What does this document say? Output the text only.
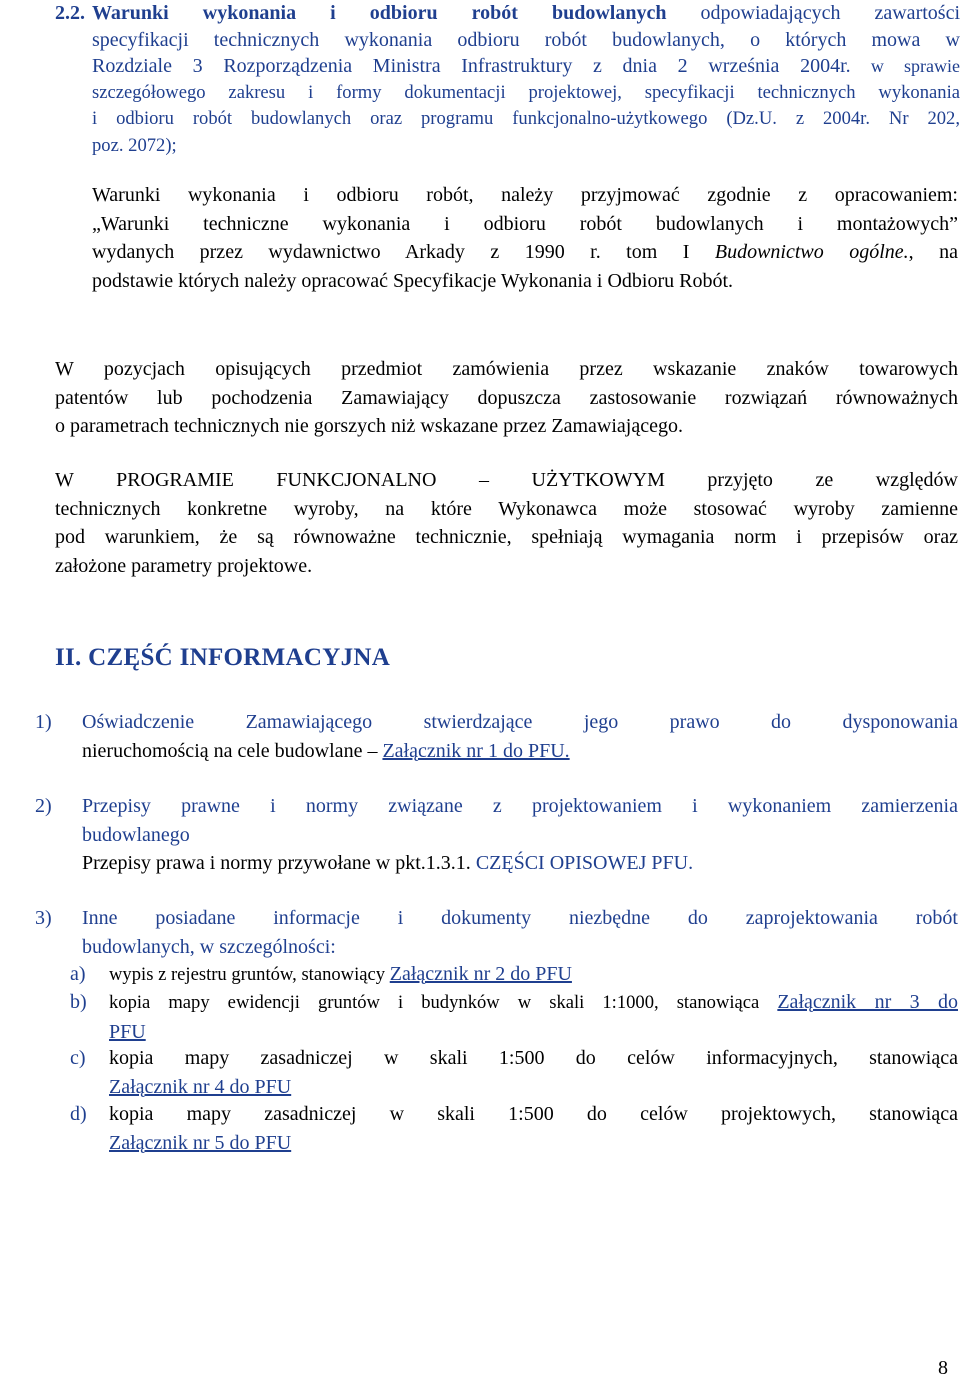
2.2. Warunki wykonania i odbioru robót budowlanych odpowiadających zawartości
specyfikacji technicznych wykonania odbioru robót budowlanych, o których mowa w
Rozdziale 3 Rozporządzenia Ministra Infrastruktury z dnia 2 września 2004r. w sprawie
szczegółowego zakresu i formy dokumentacji projektowej, specyfikacji technicznych wykonania
i odbioru robót budowlanych oraz programu funkcjonalno-użytkowego (Dz.U. z 2004r. Nr 202,
poz. 2072);
Warunki wykonania i odbioru robót, należy przyjmować zgodnie z opracowaniem:
„Warunki techniczne wykonania i odbioru robót budowlanych i montażowych”
wydanych przez wydawnictwo Arkady z 1990 r. tom I Budownictwo ogólne., na
podstawie których należy opracować Specyfikacje Wykonania i Odbioru Robót.
W pozycjach opisujących przedmiot zamówienia przez wskazanie znaków towarowych
patentów lub pochodzenia Zamawiający dopuszcza zastosowanie rozwiązań równoważnych
o parametrach technicznych nie gorszych niż wskazane przez Zamawiającego.
W PROGRAMIE FUNKCJONALNO – UŻYTKOWYM przyjęto ze względów
technicznych konkretne wyroby, na które Wykonawca może stosować wyroby zamienne
pod warunkiem, że są równoważne technicznie, spełniają wymagania norm i przepisów oraz
założone parametry projektowe.
II. CZĘŚĆ INFORMACYJNA
1) Oświadczenie Zamawiającego stwierdzające jego prawo do dysponowania
nieruchomością na cele budowlane – Załącznik nr 1 do PFU.
2) Przepisy prawne i normy związane z projektowaniem i wykonaniem zamierzenia
budowlanego
Przepisy prawa i normy przywołane w pkt.1.3.1. CZĘŚCI OPISOWEJ PFU.
3) Inne posiadane informacje i dokumenty niezbędne do zaprojektowania robót
budowlanych, w szczególności:
a) wypis z rejestru gruntów, stanowiący Załącznik nr 2 do PFU
b) kopia mapy ewidencji gruntów i budynków w skali 1:1000, stanowiąca Załącznik nr 3 do
PFU
c) kopia mapy zasadniczej w skali 1:500 do celów informacyjnych, stanowiąca
Załącznik nr 4 do PFU
d) kopia mapy zasadniczej w skali 1:500 do celów projektowych, stanowiąca
Załącznik nr 5 do PFU
8
